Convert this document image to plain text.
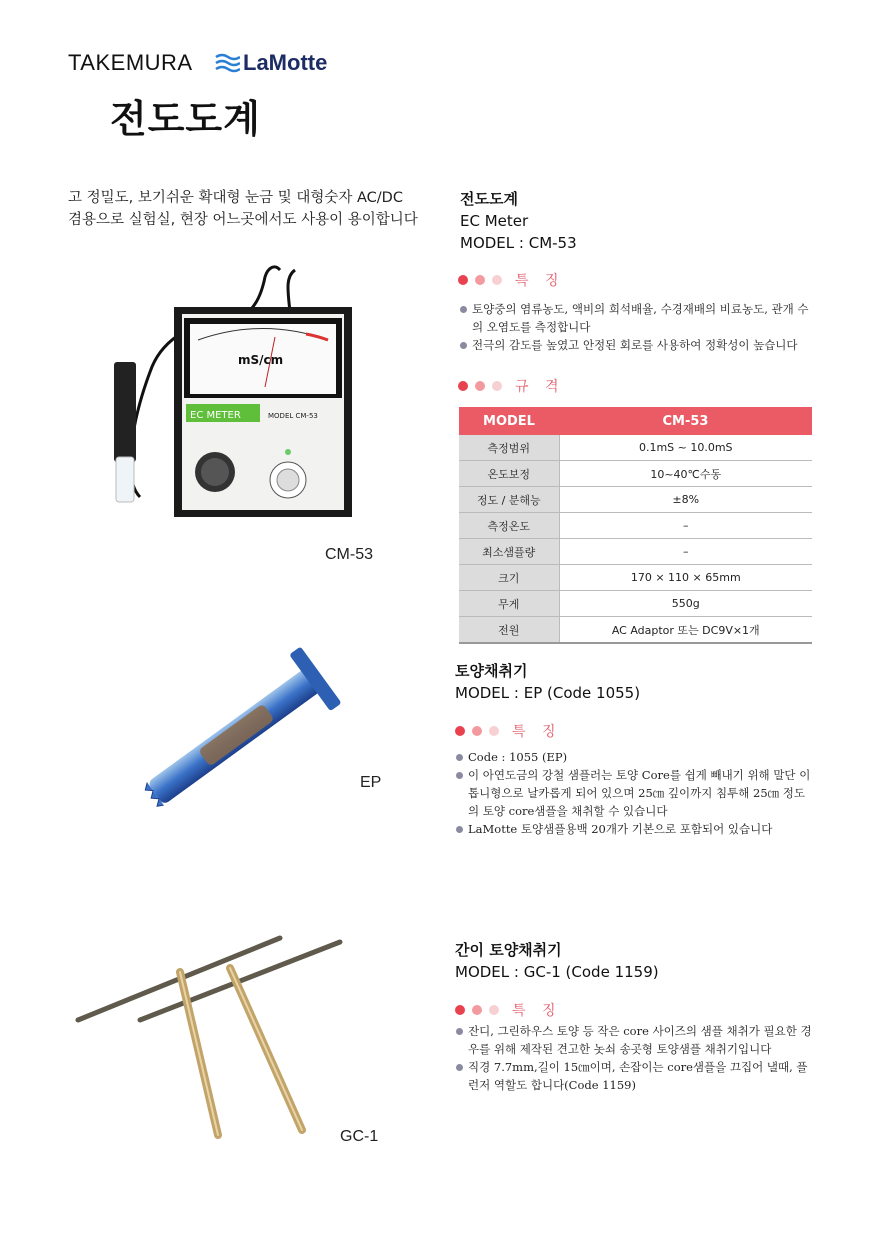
TAKEMURA LaMotte
전도도계
고 정밀도, 보기쉬운 확대형 눈금 및 대형숫자 AC/DC
겸용으로 실험실, 현장 어느곳에서도 사용이 용이합니다
mS/cm
EC METER	MODEL CM-53
CM-53
전도도계
EC Meter
MODEL : CM-53
특 징
토양중의 염류농도, 액비의 희석배율, 수경재배의 비료농도, 관개 수의 오염도를 측정합니다
전극의 감도를 높였고 안정된 회로를 사용하여 정확성이 높습니다
규 격
MODEL	CM-53
측정범위	0.1mS ~ 10.0mS
온도보정	10~40℃수동
정도 / 분해능	±8%
측정온도	–
최소샘플량	–
크기	170 × 110 × 65mm
무게	550g
전원	AC Adaptor 또는 DC9V×1개
EP
토양채취기
MODEL : EP (Code 1055)
특 징
Code : 1055 (EP)
이 아연도금의 강철 샘플러는 토양 Core를 쉽게 빼내기 위해 말단 이 톱니형으로 날카롭게 되어 있으며 25㎝ 깊이까지 침투해 25㎝ 정도의 토양 core샘플을 채취할 수 있습니다
LaMotte 토양샘플용백 20개가 기본으로 포함되어 있습니다
GC-1
간이 토양채취기
MODEL : GC-1 (Code 1159)
특 징
잔디, 그린하우스 토양 등 작은 core 사이즈의 샘플 채취가 필요한 경우를 위해 제작된 견고한 놋쇠 송곳형 토양샘플 채취기입니다
직경 7.7mm,길이 15㎝이며, 손잡이는 core샘플을 끄집어 낼때, 플런저 역할도 합니다(Code 1159)
